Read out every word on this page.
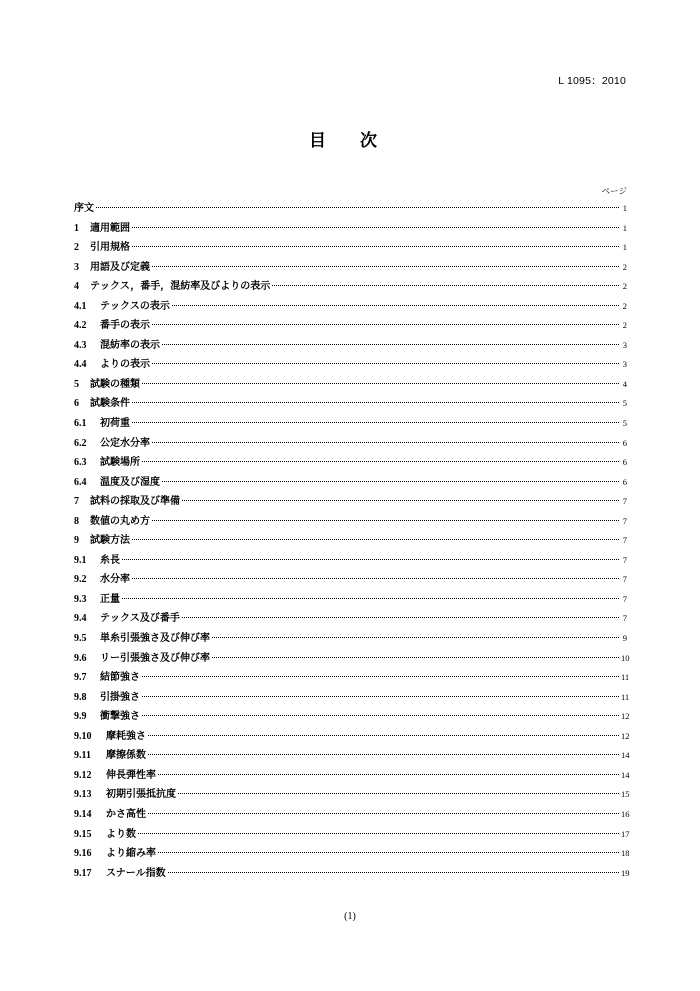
L 1095：2010
目 次
ページ
序文	1
1	適用範囲	1
2	引用規格	1
3	用語及び定義	2
4	テックス，番手，混紡率及びよりの表示	2
4.1	テックスの表示	2
4.2	番手の表示	2
4.3	混紡率の表示	3
4.4	よりの表示	3
5	試験の種類	4
6	試験条件	5
6.1	初荷重	5
6.2	公定水分率	6
6.3	試験場所	6
6.4	温度及び湿度	6
7	試料の採取及び準備	7
8	数値の丸め方	7
9	試験方法	7
9.1	糸長	7
9.2	水分率	7
9.3	正量	7
9.4	テックス及び番手	7
9.5	単糸引張強さ及び伸び率	9
9.6	リー引張強さ及び伸び率	10
9.7	結節強さ	11
9.8	引掛強さ	11
9.9	衝撃強さ	12
9.10	摩耗強さ	12
9.11	摩擦係数	14
9.12	伸長弾性率	14
9.13	初期引張抵抗度	15
9.14	かさ高性	16
9.15	より数	17
9.16	より縮み率	18
9.17	スナール指数	19
(1)
